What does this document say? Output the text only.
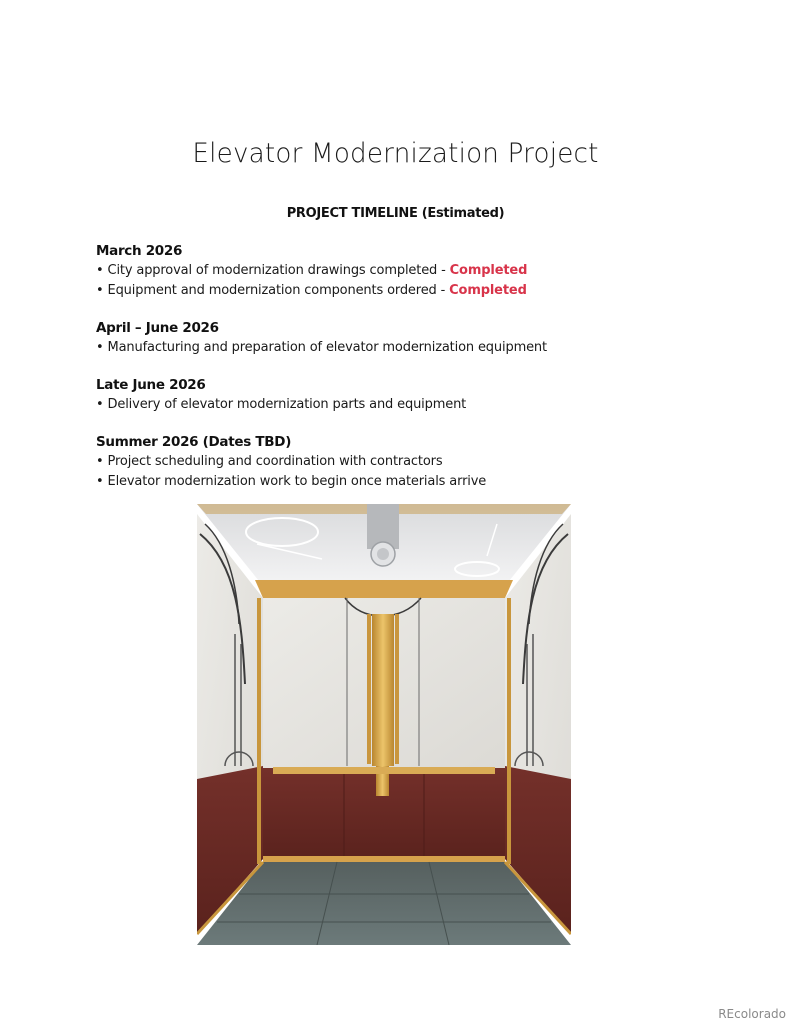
Elevator Modernization Project
PROJECT TIMELINE (Estimated)
March 2026
• City approval of modernization drawings completed - Completed
• Equipment and modernization components ordered - Completed
April – June 2026
• Manufacturing and preparation of elevator modernization equipment
Late June 2026
• Delivery of elevator modernization parts and equipment
Summer 2026 (Dates TBD)
• Project scheduling and coordination with contractors
• Elevator modernization work to begin once materials arrive
REcolorado
